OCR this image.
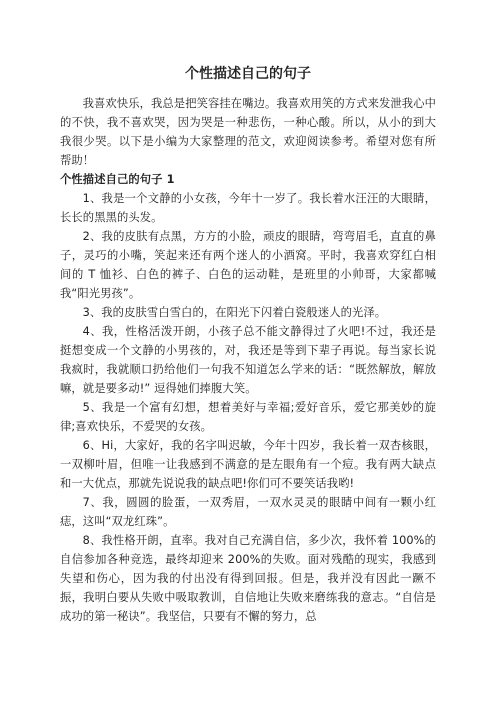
个性描述自己的句子

我喜欢快乐，我总是把笑容挂在嘴边。我喜欢用笑的方式来发泄我心中的不快，我不喜欢哭，因为哭是一种悲伤，一种心酸。所以，从小的到大我很少哭。以下是小编为大家整理的范文，欢迎阅读参考。希望对您有所帮助！

个性描述自己的句子 1

1、我是一个文静的小女孩，今年十一岁了。我长着水汪汪的大眼睛，长长的黑黑的头发。

2、我的皮肤有点黑，方方的小脸，顽皮的眼睛，弯弯眉毛，直直的鼻子，灵巧的小嘴，笑起来还有两个迷人的小酒窝。平时，我喜欢穿红白相间的 T 恤衫、白色的裤子、白色的运动鞋，是班里的小帅哥，大家都喊我“阳光男孩”。

3、我的皮肤雪白雪白的，在阳光下闪着白瓷般迷人的光泽。

4、我，性格活泼开朗，小孩子总不能文静得过了火吧!不过，我还是挺想变成一个文静的小男孩的，对，我还是等到下辈子再说。每当家长说我疯时，我就顺口扔给他们一句我不知道怎么学来的话：“既然解放，解放嘛，就是要多动!” 逗得她们捧腹大笑。

5、我是一个富有幻想，想着美好与幸福;爱好音乐，爱它那美妙的旋律;喜欢快乐，不爱哭的女孩。

6、Hi，大家好，我的名字叫迟敏，今年十四岁，我长着一双杏核眼，一双柳叶眉，但唯一让我感到不满意的是左眼角有一个痘。我有两大缺点和一大优点，那就先说说我的缺点吧!你们可不要笑话我哟!

7、我，圆圆的脸蛋，一双秀眉，一双水灵灵的眼睛中间有一颗小红痣，这叫“双龙红珠”。

8、我性格开朗，直率。我对自己充满自信，多少次，我怀着 100%的自信参加各种竞选，最终却迎来 200%的失败。面对残酷的现实，我感到失望和伤心，因为我的付出没有得到回报。但是，我并没有因此一蹶不振，我明白要从失败中吸取教训，自信地让失败来磨练我的意志。“自信是成功的第一秘诀”。我坚信，只要有不懈的努力，总
